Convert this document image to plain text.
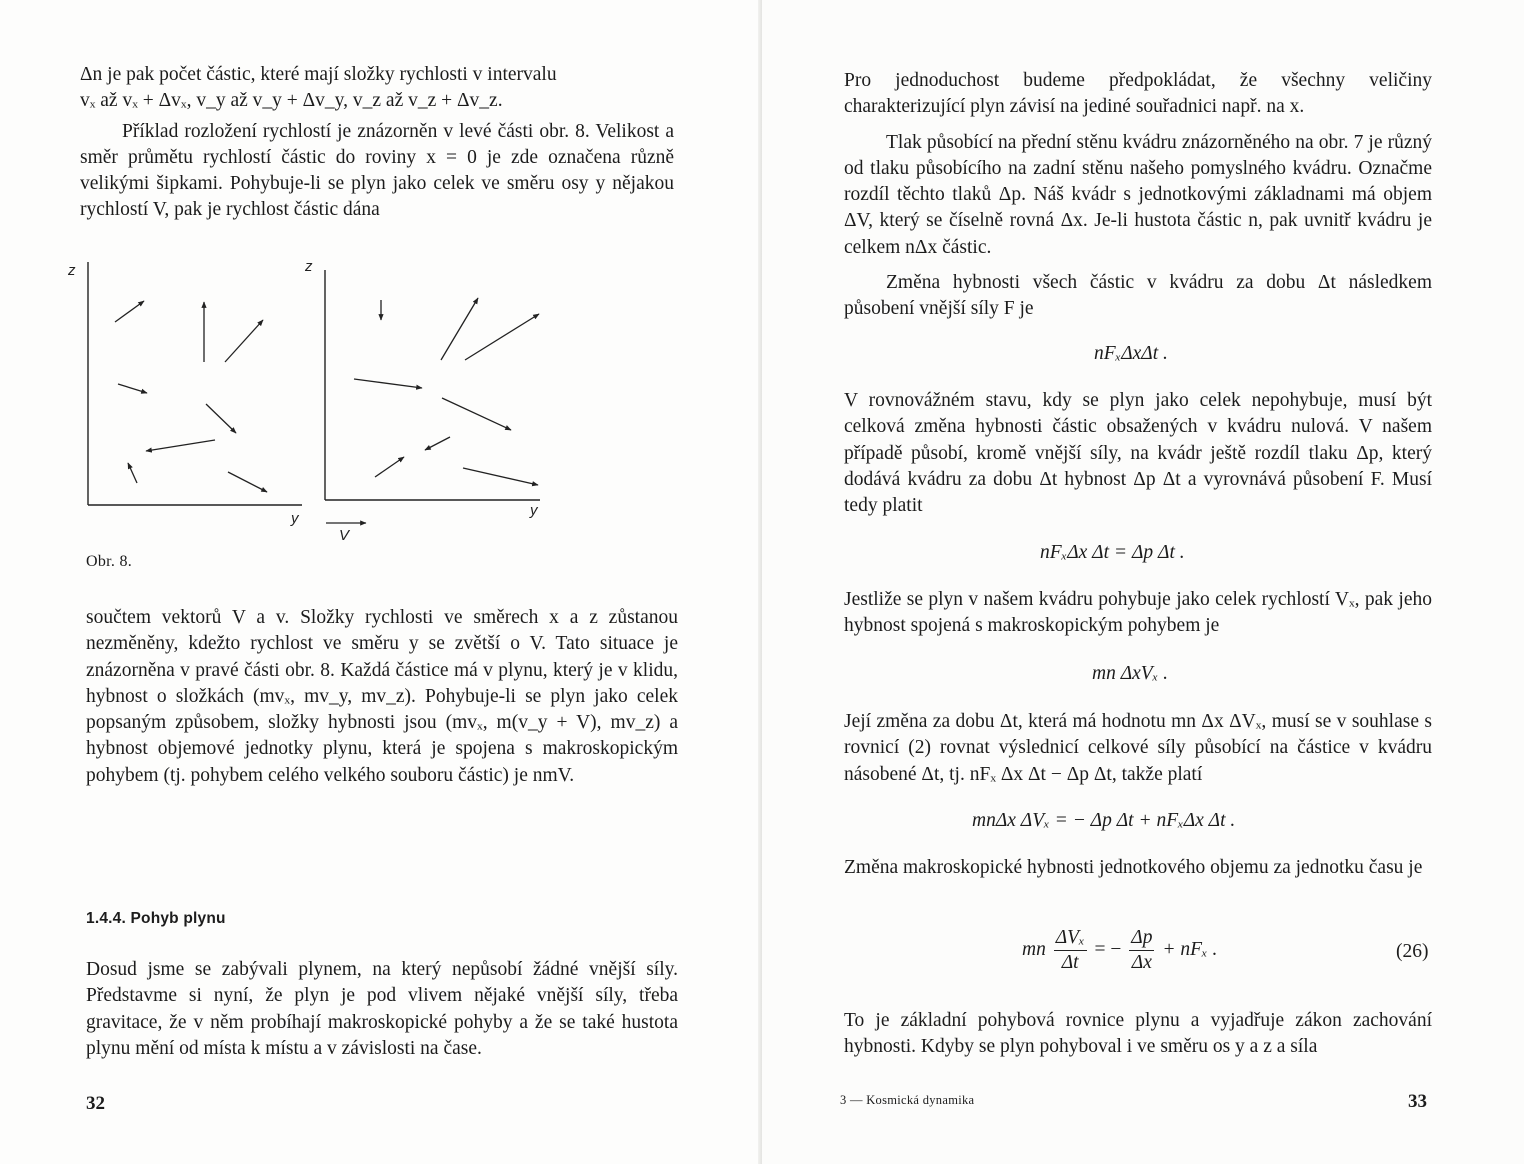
Δn je pak počet částic, které mají složky rychlosti v intervalu

vₓ až vₓ + Δvₓ, v_y až v_y + Δv_y, v_z až v_z + Δv_z.

Příklad rozložení rychlostí je znázorněn v levé části obr. 8. Velikost a směr průmětu rychlostí částic do roviny x = 0 je zde označena různě velikými šipkami. Pohybuje-li se plyn jako celek ve směru osy y nějakou rychlostí V, pak je rychlost částic dána

z
y
z
y
V
Obr. 8.

součtem vektorů V a v. Složky rychlosti ve směrech x a z zůstanou nezměněny, kdežto rychlost ve směru y se zvětší o V. Tato situace je znázorněna v pravé části obr. 8. Každá částice má v plynu, který je v klidu, hybnost o složkách (mvₓ, mv_y, mv_z). Pohybuje-li se plyn jako celek popsaným způsobem, složky hybnosti jsou (mvₓ, m(v_y + V), mv_z) a hybnost objemové jednotky plynu, která je spojena s makroskopickým pohybem (tj. pohybem celého velkého souboru částic) je nmV.

1.4.4. Pohyb plynu

Dosud jsme se zabývali plynem, na který nepůsobí žádné vnější síly. Představme si nyní, že plyn je pod vlivem nějaké vnější síly, třeba gravitace, že v něm probíhají makroskopické pohyby a že se také hustota plynu mění od místa k místu a v závislosti na čase.

32

Pro jednoduchost budeme předpokládat, že všechny veličiny charakterizující plyn závisí na jediné souřadnici např. na x.

Tlak působící na přední stěnu kvádru znázorněného na obr. 7 je různý od tlaku působícího na zadní stěnu našeho pomyslného kvádru. Označme rozdíl těchto tlaků Δp. Náš kvádr s jednotkovými základnami má objem ΔV, který se číselně rovná Δx. Je-li hustota částic n, pak uvnitř kvádru je celkem nΔx částic.

Změna hybnosti všech částic v kvádru za dobu Δt následkem působení vnější síly F je

nFₓΔxΔt .

V rovnovážném stavu, kdy se plyn jako celek nepohybuje, musí být celková změna hybnosti částic obsažených v kvádru nulová. V našem případě působí, kromě vnější síly, na kvádr ještě rozdíl tlaku Δp, který dodává kvádru za dobu Δt hybnost Δp Δt a vyrovnává působení F. Musí tedy platit

nFₓΔx Δt = Δp Δt .

Jestliže se plyn v našem kvádru pohybuje jako celek rychlostí Vₓ, pak jeho hybnost spojená s makroskopickým pohybem je

mn ΔxVₓ .

Její změna za dobu Δt, která má hodnotu mn Δx ΔVₓ, musí se v souhlase s rovnicí (2) rovnat výslednicí celkové síly působící na částice v kvádru násobené Δt, tj. nFₓ Δx Δt − Δp Δt, takže platí

mnΔx ΔVₓ = − Δp Δt + nFₓΔx Δt .

Změna makroskopické hybnosti jednotkového objemu za jednotku času je

mn $\frac{\text{ΔVₓ}}{\Delta t}$ = − $\frac{\Delta p}{\Delta x} + nF_x$ .	(26)

To je základní pohybová rovnice plynu a vyjadřuje zákon zachování hybnosti. Kdyby se plyn pohyboval i ve směru os y a z a síla

3 — Kosmická dynamika	33
